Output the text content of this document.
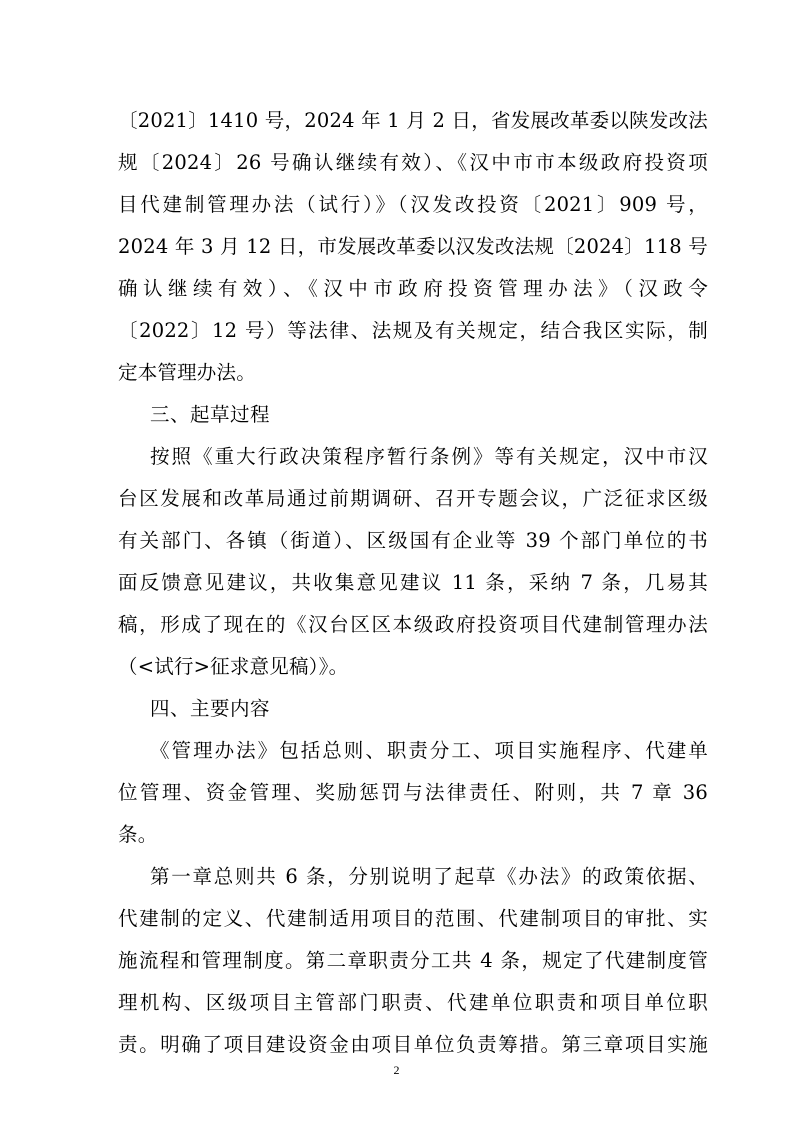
〔2021〕1410 号，2024 年 1 月 2 日，省发展改革委以陕发改法
规〔2024〕26 号确认继续有效）、《汉中市市本级政府投资项
目代建制管理办法（试行）》（汉发改投资〔2021〕909 号，
2024 年 3 月 12 日，市发展改革委以汉发改法规〔2024〕118 号
确认继续有效）、《汉中市政府投资管理办法》（汉政令
〔2022〕12 号）等法律、法规及有关规定，结合我区实际，制
定本管理办法。
三、起草过程
按照《重大行政决策程序暂行条例》等有关规定，汉中市汉
台区发展和改革局通过前期调研、召开专题会议，广泛征求区级
有关部门、各镇（街道）、区级国有企业等 39 个部门单位的书
面反馈意见建议，共收集意见建议 11 条，采纳 7 条，几易其
稿，形成了现在的《汉台区区本级政府投资项目代建制管理办法
（<试行>征求意见稿）》。
四、主要内容
《管理办法》包括总则、职责分工、项目实施程序、代建单
位管理、资金管理、奖励惩罚与法律责任、附则，共 7 章 36
条。
第一章总则共 6 条，分别说明了起草《办法》的政策依据、
代建制的定义、代建制适用项目的范围、代建制项目的审批、实
施流程和管理制度。第二章职责分工共 4 条，规定了代建制度管
理机构、区级项目主管部门职责、代建单位职责和项目单位职
责。明确了项目建设资金由项目单位负责筹措。第三章项目实施
2
